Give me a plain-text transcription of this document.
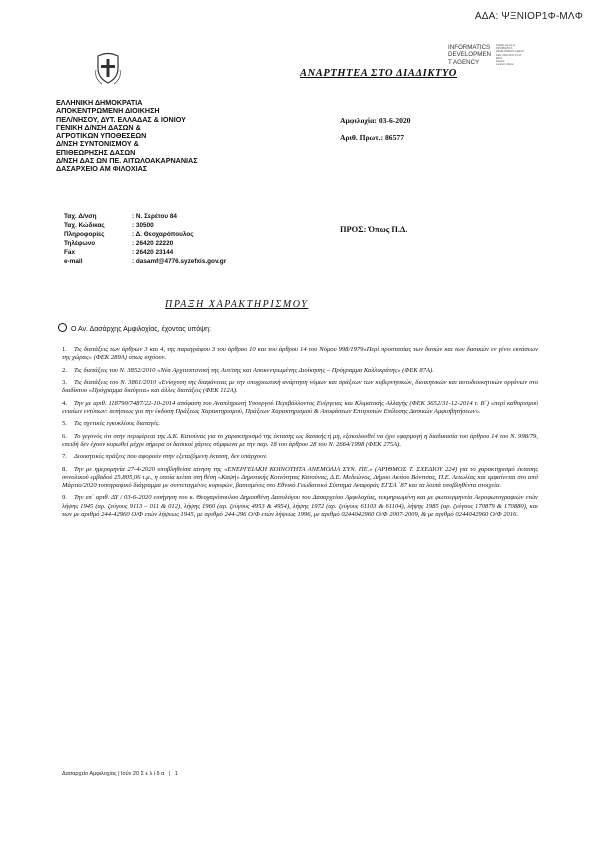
ΑΔΑ: ΨΞΝΙΟΡ1Φ-ΜΛΦ
INFORMATICS
DEVELOPMEN
T AGENCY
Digitally signed by
INFORMATICS
DEVELOPMENT AGENCY
Date: 2020.06.03 13:13
EEST
Reason:
Location: Athens
ΑΝΑΡΤΗΤΕΑ ΣΤΟ ΔΙΑΔΙΚΤΥΟ
ΕΛΛΗΝΙΚΗ ΔΗΜΟΚΡΑΤΙΑ
ΑΠΟΚΕΝΤΡΩΜΕΝΗ ΔΙΟΙΚΗΣΗ
ΠΕΛ/ΝΗΣΟΥ, ΔΥΤ. ΕΛΛΑΔΑΣ & ΙΟΝΙΟΥ
ΓΕΝΙΚΗ Δ/ΝΣΗ ΔΑΣΩΝ &
ΑΓΡΟΤΙΚΩΝ ΥΠΟΘΕΣΕΩΝ
Δ/ΝΣΗ ΣΥΝΤΟΝΙΣΜΟΥ &
ΕΠΙΘΕΩΡΗΣΗΣ ΔΑΣΩΝ
Δ/ΝΣΗ ΔΑΣ ΩΝ ΠΕ. ΑΙΤΩΛΟΑΚΑΡΝΑΝΙΑΣ
ΔΑΣΑΡΧΕΙΟ ΑΜ ΦΙΛΟΧΙΑΣ
Αμφιλοχία: 03-6-2020
Αριθ. Πρωτ.: 86577
Ταχ. Δ/νση	: Ν. Σερέτου 84
Ταχ. Κώδικας	: 30500
Πληροφορίες	: Δ. Θεοχαρόπουλος
Τηλέφωνο	: 26420 22220
Fax	: 26420 23144
e-mail	: dasamf@4776.syzefxis.gov.gr
ΠΡΟΣ: Όπως Π.Δ.
ΠΡΑΞΗ ΧΑΡΑΚΤΗΡΙΣΜΟΥ
Ο Αν. Δασάρχης Αμφιλοχίας, έχοντας υπόψη:
1. Τις διατάξεις των άρθρων 3 και 4, της παραγράφου 3 του άρθρου 10 και του άρθρου 14 του Νόμου 998/1979«Περί προστασίας των δασών και των δασικών εν γένει εκτάσεων της χώρας» (ΦΕΚ 289Α) όπως ισχύουν.
2. Τις διατάξεις του Ν. 3852/2010 «Νέα Αρχιτεκτονική της Αυτ/σης και Αποκεντρωμένης Διοίκησης – Πρόγραμμα Καλλικράτης» (ΦΕΚ 87Α).
3. Τις διατάξεις του Ν. 3861/2010 «Ενίσχυση της διαφάνειας με την υποχρεωτική ανάρτηση νόμων και πράξεων των κυβερνητικών, διοικητικών και αυτοδιοικητικών οργάνων στο διαδίκτυο «Πρόγραμμα διαύγεια» και άλλες διατάξεις (ΦΕΚ 112Α).
4. Την με αριθ. 118790/7487/22-10-2014 απόφαση του Αναπληρωτή Υπουργού Περιβάλλοντος Ενέργειας και Κλιματικής Αλλαγής (ΦΕΚ 3652/31-12-2014 τ. Β΄) «περί καθορισμού ενιαίων εντύπων: αιτήσεως για την έκδοση Πράξεως Χαρακτηρισμού, Πράξεων Χαρακτηρισμού & Αποφάσεων Επιτροπών Επίλυσης Δασικών Αμφισβητήσεων».
5. Τις σχετικές εγκυκλίους διαταγές.
6. Το γεγονός ότι στην περιφέρεια της Δ.Κ. Κατούνας για το χαρακτηρισμό της έκτασης ως δασικής ή μη, εξακολουθεί να έχει εφαρμογή η διαδικασία του άρθρου 14 του Ν. 998/79, επειδή δεν έχουν κυρωθεί μέχρι σήμερα οι δασικοί χάρτες σύμφωνα με την παρ. 18 του άρθρου 28 του Ν. 2664/1998 (ΦΕΚ 275Α).
7. Διοικητικές πράξεις που αφορούν στην εξεταζόμενη έκταση, δεν υπάρχουν.
8. Την με ημερομηνία 27-4-2020 υποβληθείσα αίτηση της «ΕΝΕΡΓΕΙΑΚΗ ΚΟΙΝΟΤΗΤΑ ΑΝΕΜΟΛΙΑ ΣΥΝ. ΠΕ.» (ΑΡΙΘΜΟΣ Τ. ΣΧΕΔΙΟΥ 224) για το χαρακτηρισμό έκτασης συνολικού εμβαδού 25.805,06 τ.μ., η οποία κείται στη θέση «Καψή» Δημοτικής Κοινότητας Κατούνας, Δ.Ε. Μεδεώνος, Δήμου Ακτίου Βόνιτσας, Π.Ε. Αιτωλίας και εμφαίνεται στο από Μάρτιο/2020 τοπογραφικό διάγραμμα με συντεταγμένες κορυφών, βασισμένες στο Εθνικό Γεωδαιτικό Σύστημα Αναφοράς ΕΓΣΑ ΄87 και τα λοιπά υποβληθέντα στοιχεία.
9. Την υπ΄ αριθ. ΔΥ / 03-6-2020 εισήγηση του κ. Θεοχαρόπουλου Δημοσθένη Δασολόγου του Δασαρχείου Αμφιλοχίας, τεκμηριωμένη και με φωτοερμηνεία Αεροφωτογραφιών ετών λήψης 1945 (αρ. ζεύγους 9113 – 011 & 012), λήψης 1960 (αρ. ζεύγους 4953 & 4954), λήψης 1972 (αρ. ζεύγους 61103 & 61104), λήψης 1985 (αρ. ζεύγους 170879 & 170880), και των με αριθμό 244-42960 Ο/Φ ετών λήψεως 1945, με αριθμό 244-296 Ο/Φ ετών λήψεως 1996, με αριθμό 0244042960 Ο/Φ 2007-2009, & με αριθμό 0244042960 Ο/Φ 2016.
Δασαρχείο Αμφιλοχίας | Ιούν 20 Σ ε λ ί δ α | 1
